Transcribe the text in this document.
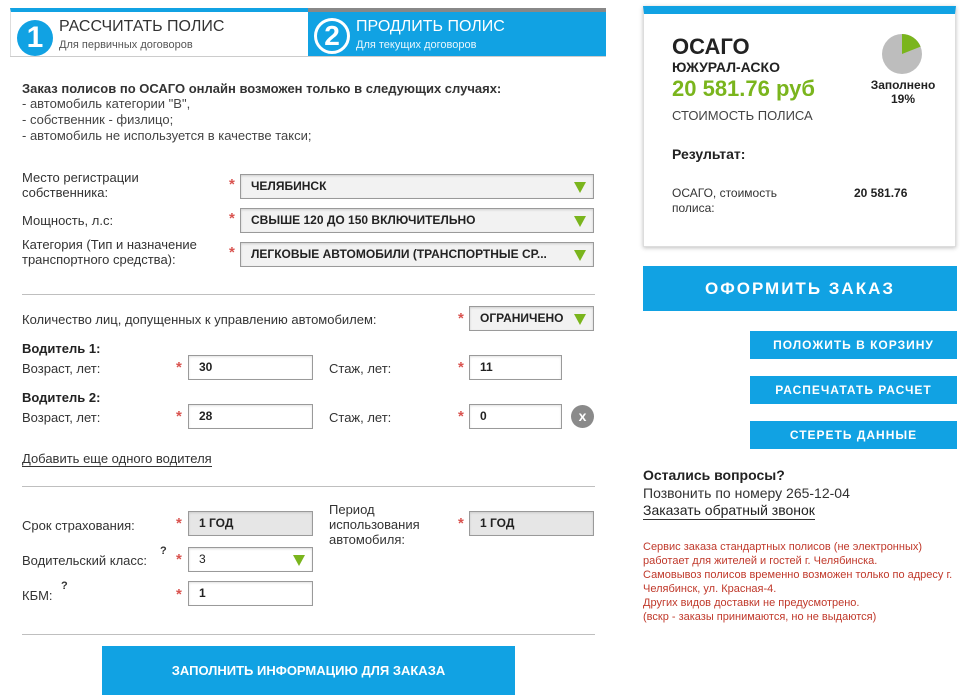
1 РАССЧИТАТЬ ПОЛИС
Для первичных договоров	2	ПРОДЛИТЬ ПОЛИС
Для текущих договоров
Заказ полисов по ОСАГО онлайн возможен только в следующих случаях:
- автомобиль категории "В",
- собственник - физлицо;
- автомобиль не используется в качестве такси;
Место регистрации собственника:	*	ЧЕЛЯБИНСК
Мощность, л.с:	*	СВЫШЕ 120 ДО 150 ВКЛЮЧИТЕЛЬНО
Категория (Тип и назначение транспортного средства):	*	ЛЕГКОВЫЕ АВТОМОБИЛИ (ТРАНСПОРТНЫЕ СР...
Количество лиц, допущенных к управлению автомобилем:	*	ОГРАНИЧЕНО
Водитель 1:
Возраст, лет:	*	30	Стаж, лет:	*	11
Водитель 2:
Возраст, лет:	*	28	Стаж, лет:	*	0	x
Добавить еще одного водителя
Срок страхования:	*	1 ГОД
Период использования автомобиля:
*	1 ГОД
Водительский класс:
? *	3
КБМ:
?	*	1
ЗАПОЛНИТЬ ИНФОРМАЦИЮ ДЛЯ ЗАКАЗА
ОСАГО
ЮЖУРАЛ-АСКО
20 581.76 руб
СТОИМОСТЬ ПОЛИСА
Заполнено
19%
Результат:
ОСАГО, стоимость полиса:
20 581.76
ОФОРМИТЬ ЗАКАЗ
ПОЛОЖИТЬ В КОРЗИНУ
РАСПЕЧАТАТЬ РАСЧЕТ
СТЕРЕТЬ ДАННЫЕ
Остались вопросы?
Позвонить по номеру 265-12-04
Заказать обратный звонок
Сервис заказа стандартных полисов (не электронных) работает для жителей и гостей г. Челябинска.
Самовывоз полисов временно возможен только по адресу г. Челябинск, ул. Красная-4.
Других видов доставки не предусмотрено.
(вскр - заказы принимаются, но не выдаются)
